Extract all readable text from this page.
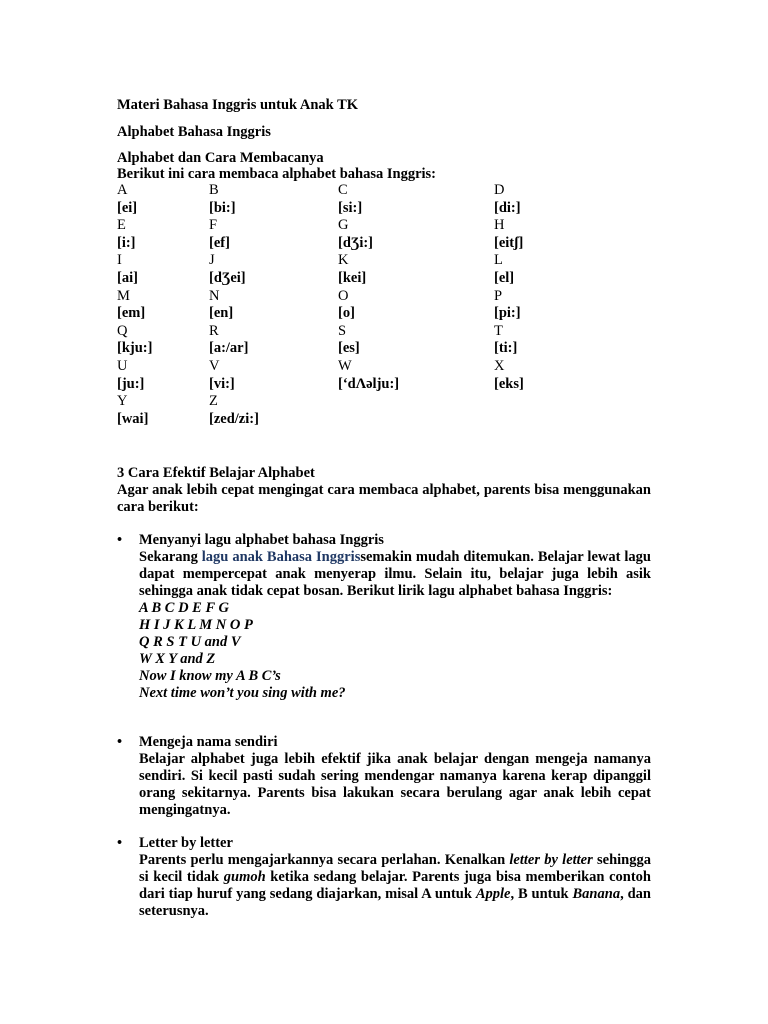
Materi Bahasa Inggris untuk Anak TK
Alphabet Bahasa Inggris
Alphabet dan Cara Membacanya
Berikut ini cara membaca alphabet bahasa Inggris:
A	B	C	D
[ei]	[bi:]	[si:]	[di:]
E	F	G	H
[i:]	[ef]	[dƷi:]	[eitʃ]
I	J	K	L
[ai]	[dƷei]	[kei]	[el]
M	N	O	P
[em]	[en]	[o]	[pi:]
Q	R	S	T
[kju:]	[a:/ar]	[es]	[ti:]
U	V	W	X
[ju:]	[vi:]	[‘dΛəlju:]	[eks]
Y	Z
[wai]	[zed/zi:]
3 Cara Efektif Belajar Alphabet
Agar anak lebih cepat mengingat cara membaca alphabet, parents bisa menggunakan cara berikut:
• Menyanyi lagu alphabet bahasa Inggris
Sekarang lagu anak Bahasa Inggrissemakin mudah ditemukan. Belajar lewat lagu dapat mempercepat anak menyerap ilmu. Selain itu, belajar juga lebih asik sehingga anak tidak cepat bosan. Berikut lirik lagu alphabet bahasa Inggris:
A B C D E F G
H I J K L M N O P
Q R S T U and V
W X Y and Z
Now I know my A B C’s
Next time won’t you sing with me?
• Mengeja nama sendiri
Belajar alphabet juga lebih efektif jika anak belajar dengan mengeja namanya sendiri. Si kecil pasti sudah sering mendengar namanya karena kerap dipanggil orang sekitarnya. Parents bisa lakukan secara berulang agar anak lebih cepat mengingatnya.
• Letter by letter
Parents perlu mengajarkannya secara perlahan. Kenalkan letter by letter sehingga si kecil tidak gumoh ketika sedang belajar. Parents juga bisa memberikan contoh dari tiap huruf yang sedang diajarkan, misal A untuk Apple, B untuk Banana, dan seterusnya.
